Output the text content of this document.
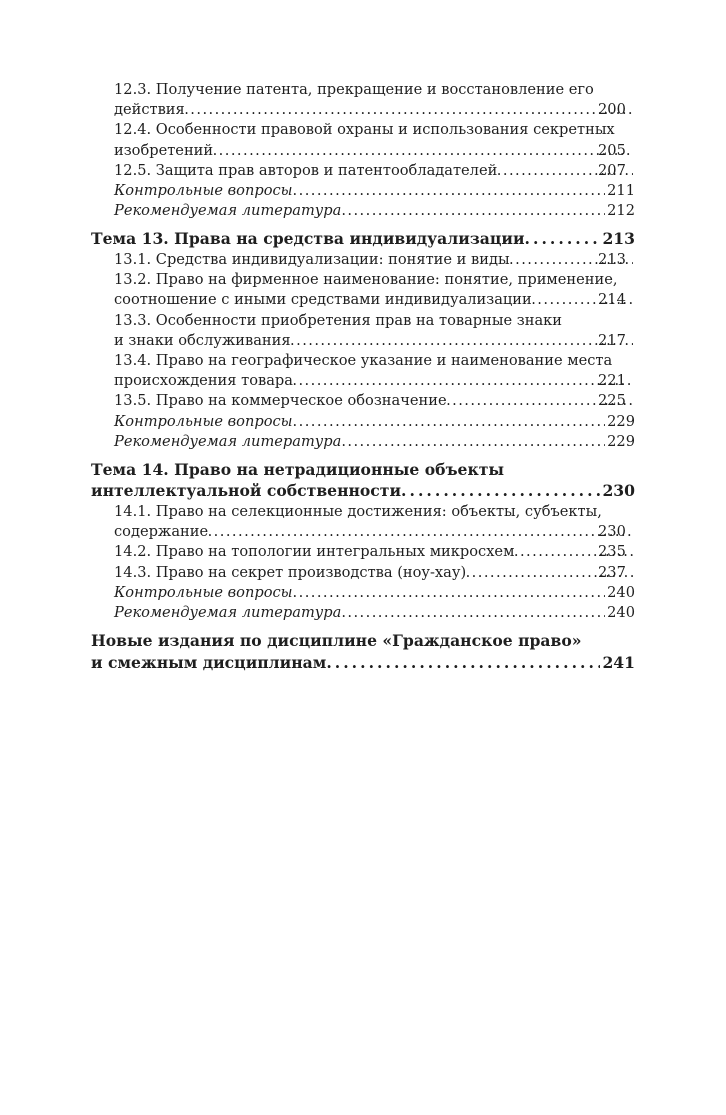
12.3. Получение патента, прекращение и восстановление его
действия . . .	200
12.4. Особенности правовой охраны и использования секретных
изобретений . . .	205
12.5. Защита прав авторов и патентообладателей . . .	207
Контрольные вопросы . . .	211
Рекомендуемая литература . . .	212
Тема 13. Права на средства индивидуализации . . .	213
13.1. Средства индивидуализации: понятие и виды . . .	213
13.2. Право на фирменное наименование: понятие, применение,
соотношение с иными средствами индивидуализации . . .	214
13.3. Особенности приобретения прав на товарные знаки
и знаки обслуживания . . .	217
13.4. Право на географическое указание и наименование места
происхождения товара . . .	221
13.5. Право на коммерческое обозначение . . .	225
Контрольные вопросы . . .	229
Рекомендуемая литература . . .	229
Тема 14. Право на нетрадиционные объекты
интеллектуальной собственности . . .	230
14.1. Право на селекционные достижения: объекты, субъекты,
содержание . . .	230
14.2. Право на топологии интегральных микросхем . . .	235
14.3. Право на секрет производства (ноу-хау) . . .	237
Контрольные вопросы . . .	240
Рекомендуемая литература . . .	240
Новые издания по дисциплине «Гражданское право»
и смежным дисциплинам . . .	241
